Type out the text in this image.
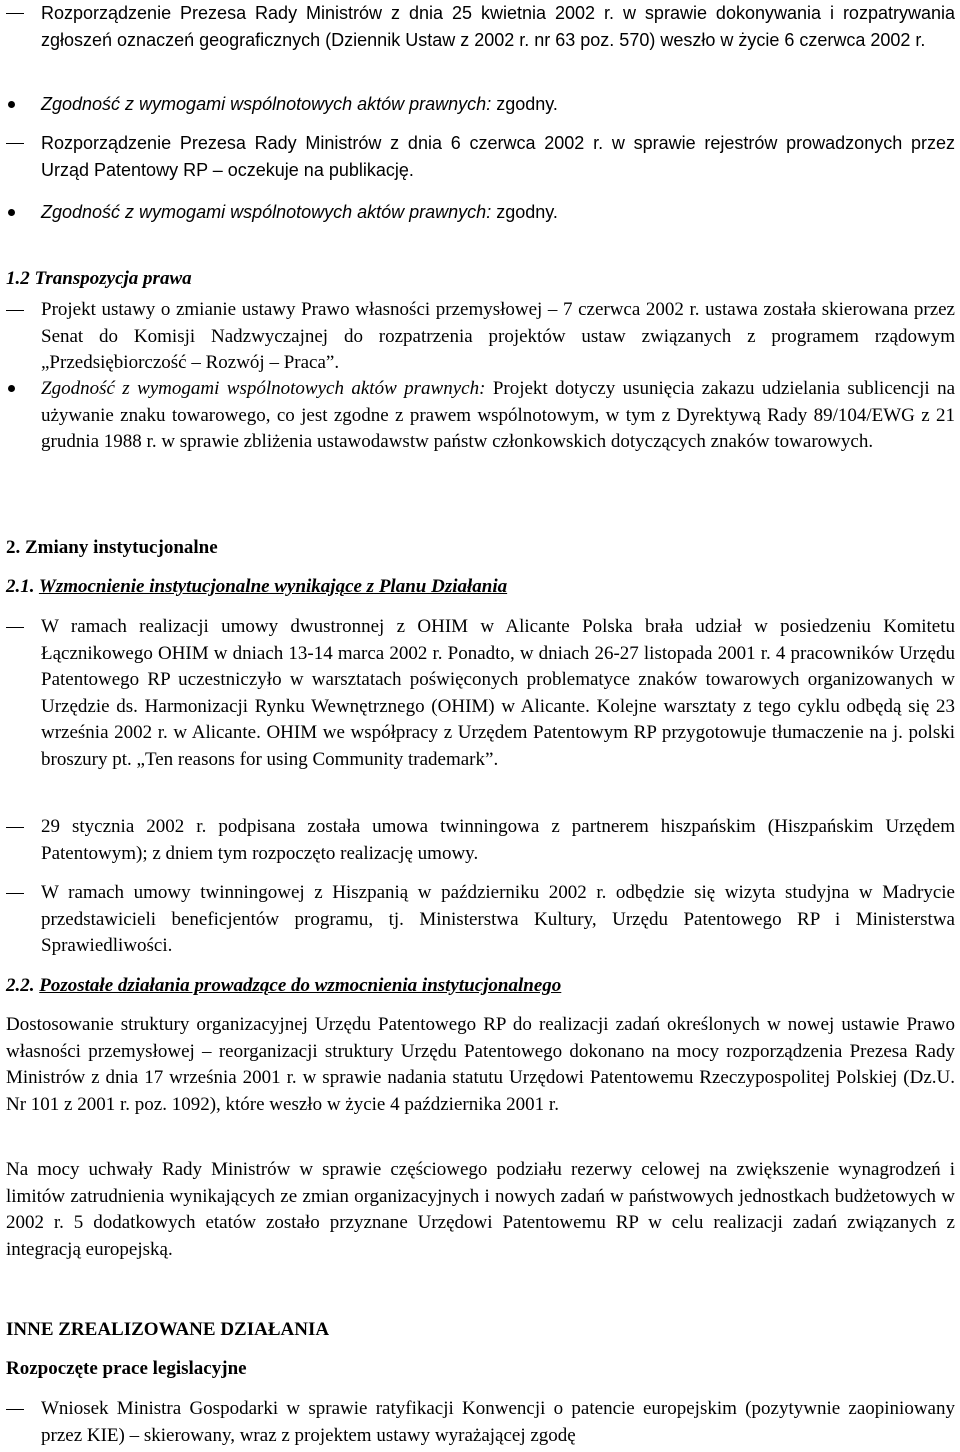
Rozporządzenie Prezesa Rady Ministrów z dnia 25 kwietnia 2002 r. w sprawie dokonywania i rozpatrywania zgłoszeń oznaczeń geograficznych (Dziennik Ustaw z 2002 r. nr 63 poz. 570) weszło w życie 6 czerwca 2002 r.
Zgodność z wymogami wspólnotowych aktów prawnych: zgodny.
Rozporządzenie Prezesa Rady Ministrów z dnia 6 czerwca 2002 r. w sprawie rejestrów prowadzonych przez Urząd Patentowy RP – oczekuje na publikację.
Zgodność z wymogami wspólnotowych aktów prawnych: zgodny.
1.2 Transpozycja prawa
Projekt ustawy o zmianie ustawy Prawo własności przemysłowej – 7 czerwca 2002 r. ustawa została skierowana przez Senat do Komisji Nadzwyczajnej do rozpatrzenia projektów ustaw związanych z programem rządowym „Przedsiębiorczość – Rozwój – Praca”.
Zgodność z wymogami wspólnotowych aktów prawnych: Projekt dotyczy usunięcia zakazu udzielania sublicencji na używanie znaku towarowego, co jest zgodne z prawem wspólnotowym, w tym z Dyrektywą Rady 89/104/EWG z 21 grudnia 1988 r. w sprawie zbliżenia ustawodawstw państw członkowskich dotyczących znaków towarowych.
2. Zmiany instytucjonalne
2.1. Wzmocnienie instytucjonalne wynikające z Planu Działania
W ramach realizacji umowy dwustronnej z OHIM w Alicante Polska brała udział w posiedzeniu Komitetu Łącznikowego OHIM w dniach 13-14 marca 2002 r. Ponadto, w dniach 26-27 listopada 2001 r. 4 pracowników Urzędu Patentowego RP uczestniczyło w warsztatach poświęconych problematyce znaków towarowych organizowanych w Urzędzie ds. Harmonizacji Rynku Wewnętrznego (OHIM) w Alicante. Kolejne warsztaty z tego cyklu odbędą się 23 września 2002 r. w Alicante. OHIM we współpracy z Urzędem Patentowym RP przygotowuje tłumaczenie na j. polski broszury pt. „Ten reasons for using Community trademark”.
29 stycznia 2002 r. podpisana została umowa twinningowa z partnerem hiszpańskim (Hiszpańskim Urzędem Patentowym); z dniem tym rozpoczęto realizację umowy.
W ramach umowy twinningowej z Hiszpanią w październiku 2002 r. odbędzie się wizyta studyjna w Madrycie przedstawicieli beneficjentów programu, tj. Ministerstwa Kultury, Urzędu Patentowego RP i Ministerstwa Sprawiedliwości.
2.2. Pozostałe działania prowadzące do wzmocnienia instytucjonalnego
Dostosowanie struktury organizacyjnej Urzędu Patentowego RP do realizacji zadań określonych w nowej ustawie Prawo własności przemysłowej – reorganizacji struktury Urzędu Patentowego dokonano na mocy rozporządzenia Prezesa Rady Ministrów z dnia 17 września 2001 r. w sprawie nadania statutu Urzędowi Patentowemu Rzeczypospolitej Polskiej (Dz.U. Nr 101 z 2001 r. poz. 1092), które weszło w życie 4 października 2001 r.
Na mocy uchwały Rady Ministrów w sprawie częściowego podziału rezerwy celowej na zwiększenie wynagrodzeń i limitów zatrudnienia wynikających ze zmian organizacyjnych i nowych zadań w państwowych jednostkach budżetowych w 2002 r. 5 dodatkowych etatów zostało przyznane Urzędowi Patentowemu RP w celu realizacji zadań związanych z integracją europejską.
INNE ZREALIZOWANE DZIAŁANIA
Rozpoczęte prace legislacyjne
Wniosek Ministra Gospodarki w sprawie ratyfikacji Konwencji o patencie europejskim (pozytywnie zaopiniowany przez KIE) – skierowany, wraz z projektem ustawy wyrażającej zgodę
